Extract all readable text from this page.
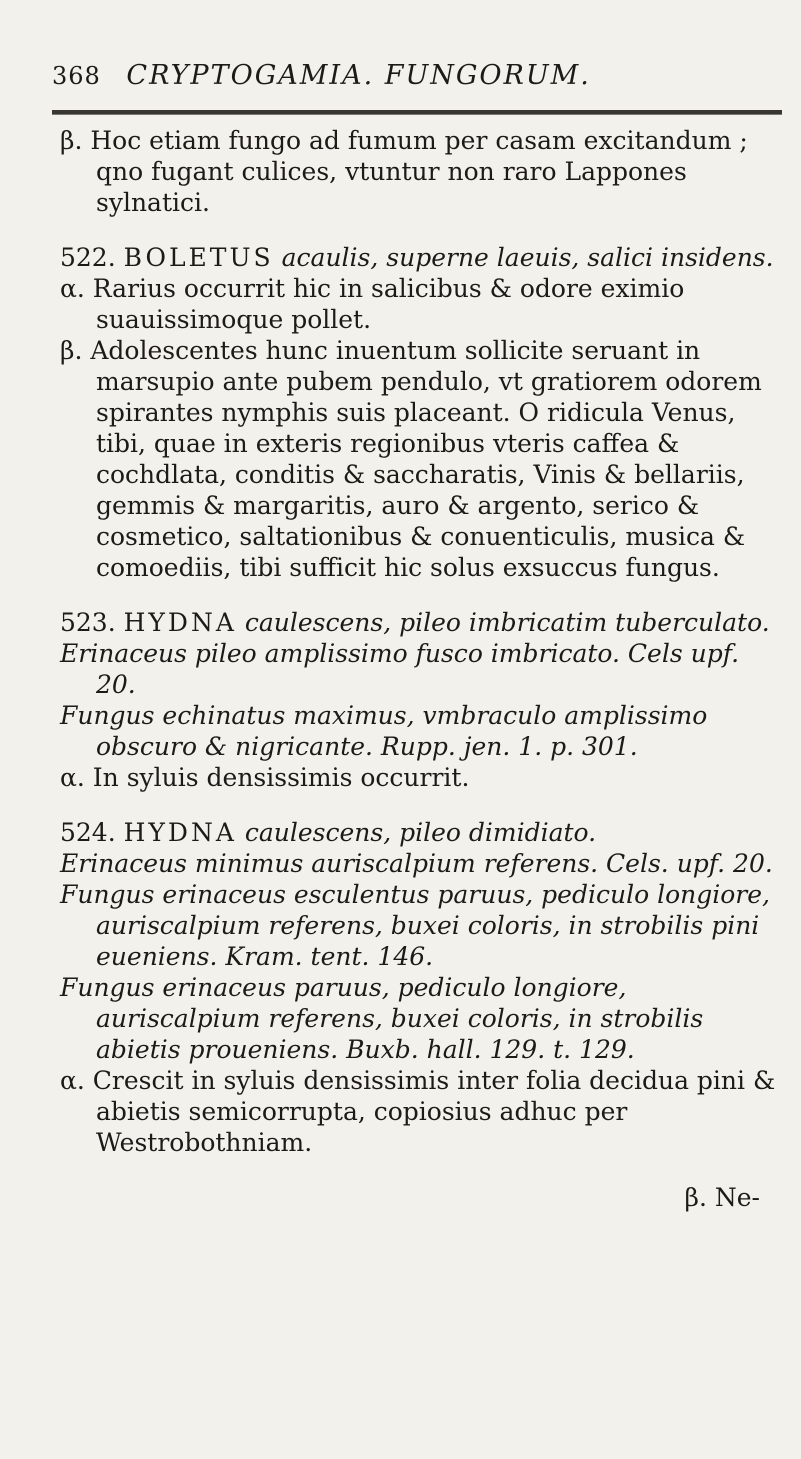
368 CRYPTOGAMIA. FUNGORUM.

β. Hoc etiam fungo ad fumum per casam excitandum ; qno fugant culices, vtuntur non raro Lappones sylnatici.

522. BOLETUS acaulis, superne laeuis, salici insidens.

α. Rarius occurrit hic in salicibus & odore eximio suauissimoque pollet.

β. Adolescentes hunc inuentum sollicite seruant in marsupio ante pubem pendulo, vt gratiorem odorem spirantes nymphis suis placeant. O ridicula Venus, tibi, quae in exteris regionibus vteris caffea & cochdlata, conditis & saccharatis, Vinis & bellariis, gemmis & margaritis, auro & argento, serico & cosmetico, saltationibus & conuenticulis, musica & comoediis, tibi sufficit hic solus exsuccus fungus.

523. HYDNA caulescens, pileo imbricatim tuberculato.

Erinaceus pileo amplissimo fusco imbricato. Cels upf. 20.

Fungus echinatus maximus, vmbraculo amplissimo obscuro & nigricante. Rupp. jen. 1. p. 301.

α. In syluis densissimis occurrit.

524. HYDNA caulescens, pileo dimidiato.

Erinaceus minimus auriscalpium referens. Cels. upf. 20.

Fungus erinaceus esculentus paruus, pediculo longiore, auriscalpium referens, buxei coloris, in strobilis pini eueniens. Kram. tent. 146.

Fungus erinaceus paruus, pediculo longiore, auriscalpium referens, buxei coloris, in strobilis abietis proueniens. Buxb. hall. 129. t. 129.

α. Crescit in syluis densissimis inter folia decidua pini & abietis semicorrupta, copiosius adhuc per Westrobothniam.

β. Ne-
